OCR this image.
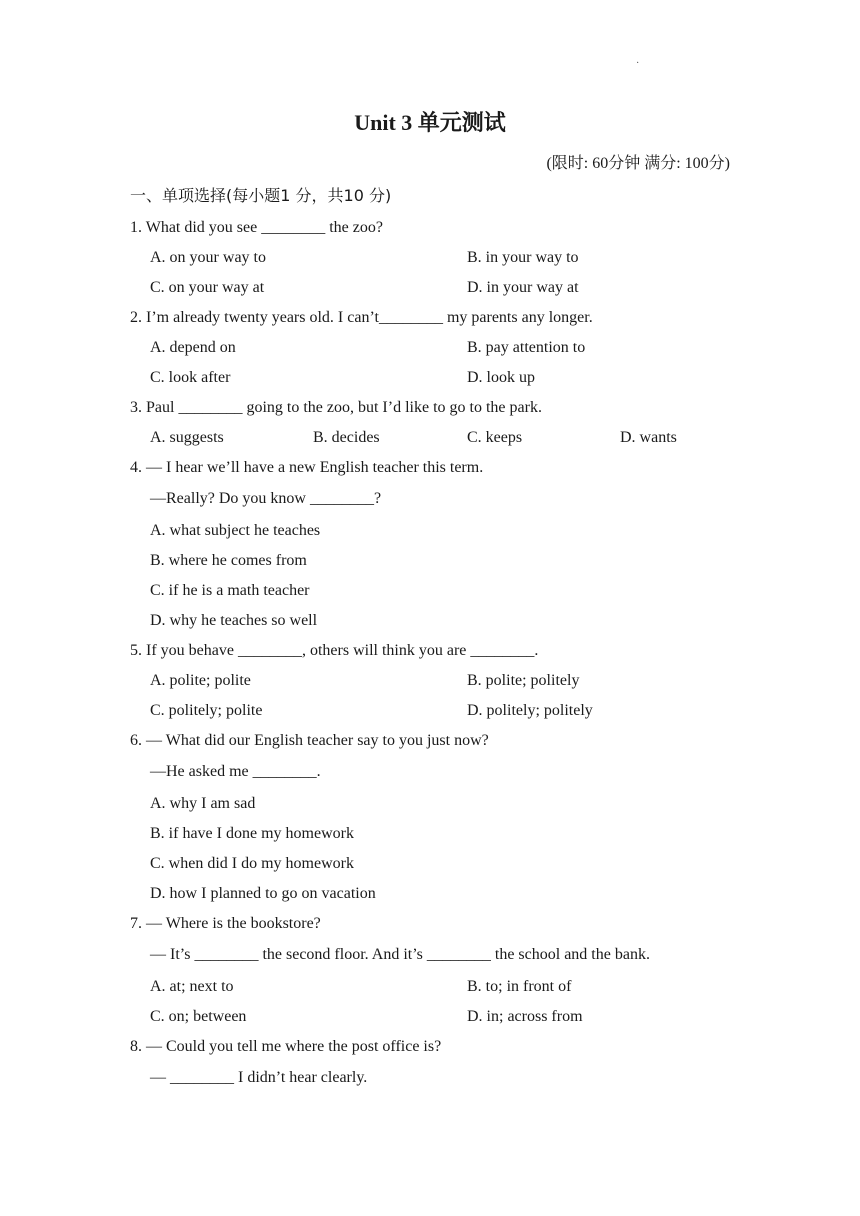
·
Unit 3 单元测试
(限时: 60分钟 满分: 100分)
一、单项选择(每小题1 分，共10 分)
1. What did you see ________ the zoo?
A. on your way to	B. in your way to
C. on your way at	D. in your way at
2. I’m already twenty years old. I can’t________ my parents any longer.
A. depend on	B. pay attention to
C. look after	D. look up
3. Paul ________ going to the zoo, but I’d like to go to the park.
A. suggests	B. decides	C. keeps	D. wants
4. — I hear we’ll have a new English teacher this term.
—Really? Do you know ________?
A. what subject he teaches
B. where he comes from
C. if he is a math teacher
D. why he teaches so well
5. If you behave ________, others will think you are ________.
A. polite; polite	B. polite; politely
C. politely; polite	D. politely; politely
6. — What did our English teacher say to you just now?
—He asked me ________.
A. why I am sad
B. if have I done my homework
C. when did I do my homework
D. how I planned to go on vacation
7. — Where is the bookstore?
— It’s ________ the second floor. And it’s ________ the school and the bank.
A. at; next to	B. to; in front of
C. on; between	D. in; across from
8. — Could you tell me where the post office is?
— ________ I didn’t hear clearly.
